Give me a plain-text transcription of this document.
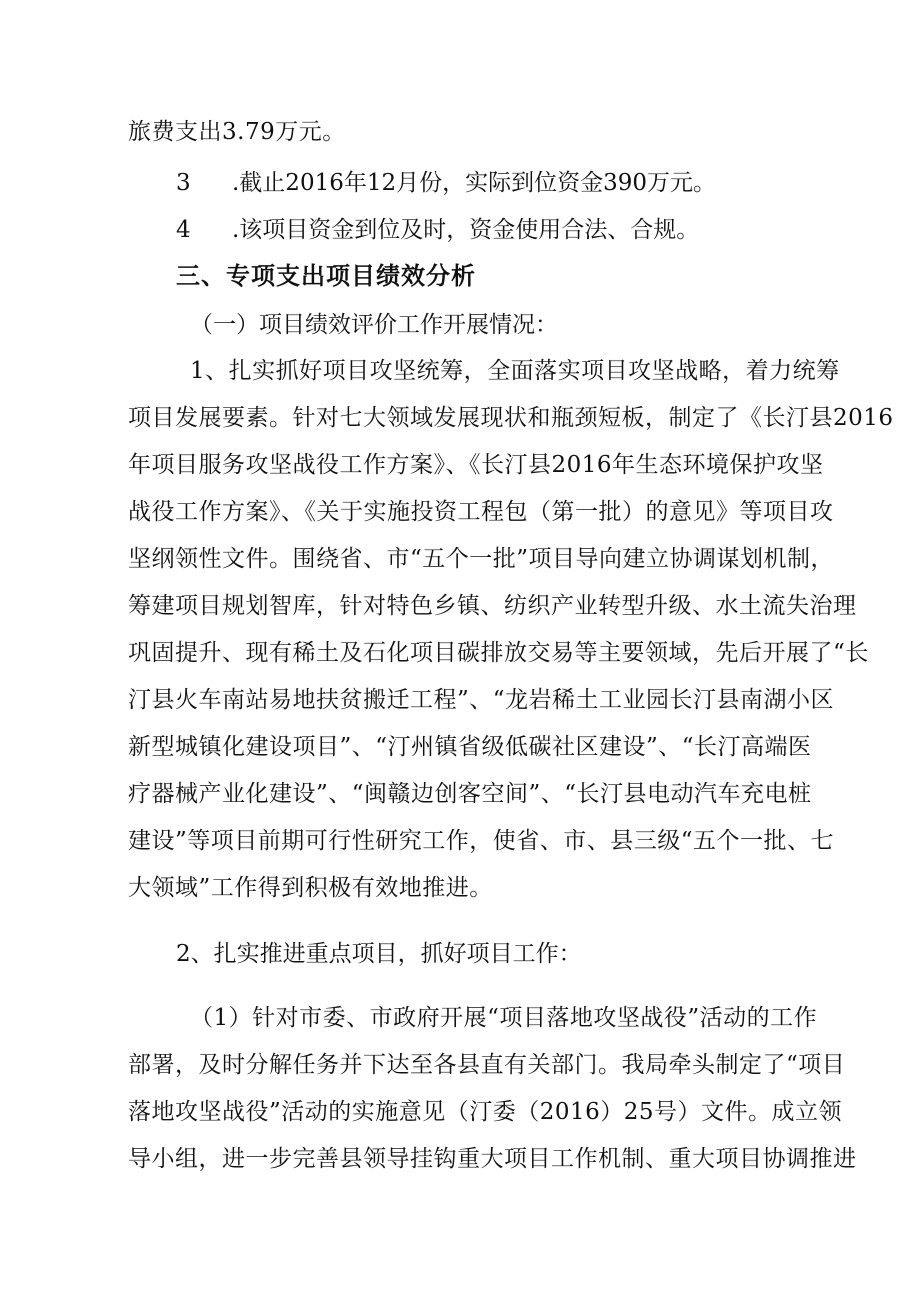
旅费支出3.79万元。
3 .截止2016年12月份，实际到位资金390万元。
4 .该项目资金到位及时，资金使用合法、合规。
三、专项支出项目绩效分析
（一）项目绩效评价工作开展情况：
1、扎实抓好项目攻坚统筹，全面落实项目攻坚战略，着力统筹
项目发展要素。针对七大领域发展现状和瓶颈短板，制定了《长汀县2016
年项目服务攻坚战役工作方案》、《长汀县2016年生态环境保护攻坚
战役工作方案》、《关于实施投资工程包（第一批）的意见》等项目攻
坚纲领性文件。围绕省、市“五个一批”项目导向建立协调谋划机制，
筹建项目规划智库，针对特色乡镇、纺织产业转型升级、水土流失治理
巩固提升、现有稀土及石化项目碳排放交易等主要领域，先后开展了“长
汀县火车南站易地扶贫搬迁工程”、“龙岩稀土工业园长汀县南湖小区
新型城镇化建设项目”、“汀州镇省级低碳社区建设”、“长汀高端医
疗器械产业化建设”、“闽赣边创客空间”、“长汀县电动汽车充电桩
建设”等项目前期可行性研究工作，使省、市、县三级“五个一批、七
大领域”工作得到积极有效地推进。
2、扎实推进重点项目，抓好项目工作：
（1）针对市委、市政府开展“项目落地攻坚战役”活动的工作
部署，及时分解任务并下达至各县直有关部门。我局牵头制定了“项目
落地攻坚战役”活动的实施意见（汀委（2016）25号）文件。成立领
导小组，进一步完善县领导挂钩重大项目工作机制、重大项目协调推进
